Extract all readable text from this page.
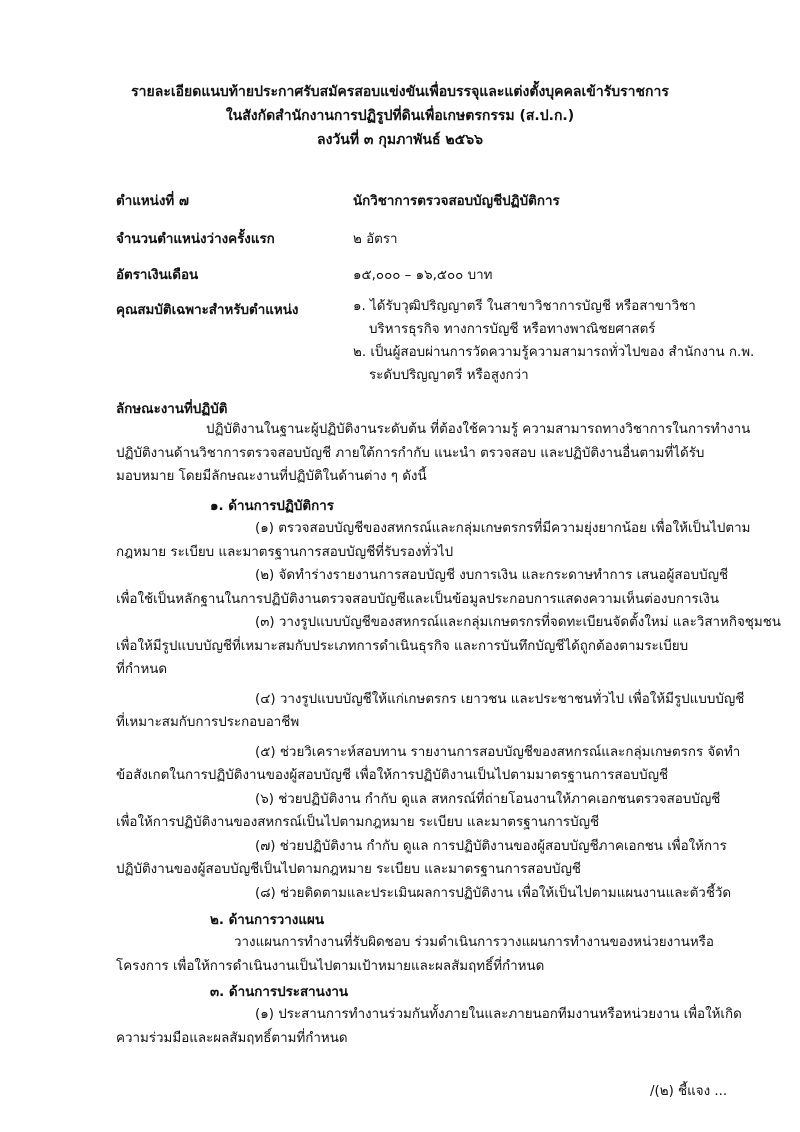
รายละเอียดแนบท้ายประกาศรับสมัครสอบแข่งขันเพื่อบรรจุและแต่งตั้งบุคคลเข้ารับราชการ
ในสังกัดสำนักงานการปฏิรูปที่ดินเพื่อเกษตรกรรม (ส.ป.ก.)
ลงวันที่ ๓ กุมภาพันธ์ ๒๕๖๖
ตำแหน่งที่ ๗	นักวิชาการตรวจสอบบัญชีปฏิบัติการ
จำนวนตำแหน่งว่างครั้งแรก	๒ อัตรา
อัตราเงินเดือน	๑๕,๐๐๐ – ๑๖,๕๐๐ บาท
คุณสมบัติเฉพาะสำหรับตำแหน่ง	๑. ได้รับวุฒิปริญญาตรี ในสาขาวิชาการบัญชี หรือสาขาวิชา
บริหารธุรกิจ ทางการบัญชี หรือทางพาณิชยศาสตร์
๒. เป็นผู้สอบผ่านการวัดความรู้ความสามารถทั่วไปของ สำนักงาน ก.พ.
ระดับปริญญาตรี หรือสูงกว่า
ลักษณะงานที่ปฏิบัติ
ปฏิบัติงานในฐานะผู้ปฏิบัติงานระดับต้น ที่ต้องใช้ความรู้ ความสามารถทางวิชาการในการทำงาน
ปฏิบัติงานด้านวิชาการตรวจสอบบัญชี ภายใต้การกำกับ แนะนำ ตรวจสอบ และปฏิบัติงานอื่นตามที่ได้รับ
มอบหมาย โดยมีลักษณะงานที่ปฏิบัติในด้านต่าง ๆ ดังนี้
๑. ด้านการปฏิบัติการ
(๑) ตรวจสอบบัญชีของสหกรณ์และกลุ่มเกษตรกรที่มีความยุ่งยากน้อย เพื่อให้เป็นไปตาม
กฎหมาย ระเบียบ และมาตรฐานการสอบบัญชีที่รับรองทั่วไป
(๒) จัดทำร่างรายงานการสอบบัญชี งบการเงิน และกระดาษทำการ เสนอผู้สอบบัญชี
เพื่อใช้เป็นหลักฐานในการปฏิบัติงานตรวจสอบบัญชีและเป็นข้อมูลประกอบการแสดงความเห็นต่องบการเงิน
(๓) วางรูปแบบบัญชีของสหกรณ์และกลุ่มเกษตรกรที่จดทะเบียนจัดตั้งใหม่ และวิสาหกิจชุมชน
เพื่อให้มีรูปแบบบัญชีที่เหมาะสมกับประเภทการดำเนินธุรกิจ และการบันทึกบัญชีได้ถูกต้องตามระเบียบ
ที่กำหนด
(๔) วางรูปแบบบัญชีให้แก่เกษตรกร เยาวชน และประชาชนทั่วไป เพื่อให้มีรูปแบบบัญชี
ที่เหมาะสมกับการประกอบอาชีพ
(๕) ช่วยวิเคราะห์สอบทาน รายงานการสอบบัญชีของสหกรณ์และกลุ่มเกษตรกร จัดทำ
ข้อสังเกตในการปฏิบัติงานของผู้สอบบัญชี เพื่อให้การปฏิบัติงานเป็นไปตามมาตรฐานการสอบบัญชี
(๖) ช่วยปฏิบัติงาน กำกับ ดูแล สหกรณ์ที่ถ่ายโอนงานให้ภาคเอกชนตรวจสอบบัญชี
เพื่อให้การปฏิบัติงานของสหกรณ์เป็นไปตามกฎหมาย ระเบียบ และมาตรฐานการบัญชี
(๗) ช่วยปฏิบัติงาน กำกับ ดูแล การปฏิบัติงานของผู้สอบบัญชีภาคเอกชน เพื่อให้การ
ปฏิบัติงานของผู้สอบบัญชีเป็นไปตามกฎหมาย ระเบียบ และมาตรฐานการสอบบัญชี
(๘) ช่วยติดตามและประเมินผลการปฏิบัติงาน เพื่อให้เป็นไปตามแผนงานและตัวชี้วัด
๒. ด้านการวางแผน
วางแผนการทำงานที่รับผิดชอบ ร่วมดำเนินการวางแผนการทำงานของหน่วยงานหรือ
โครงการ เพื่อให้การดำเนินงานเป็นไปตามเป้าหมายและผลสัมฤทธิ์ที่กำหนด
๓. ด้านการประสานงาน
(๑) ประสานการทำงานร่วมกันทั้งภายในและภายนอกทีมงานหรือหน่วยงาน เพื่อให้เกิด
ความร่วมมือและผลสัมฤทธิ์ตามที่กำหนด
/(๒) ชี้แจง ...
